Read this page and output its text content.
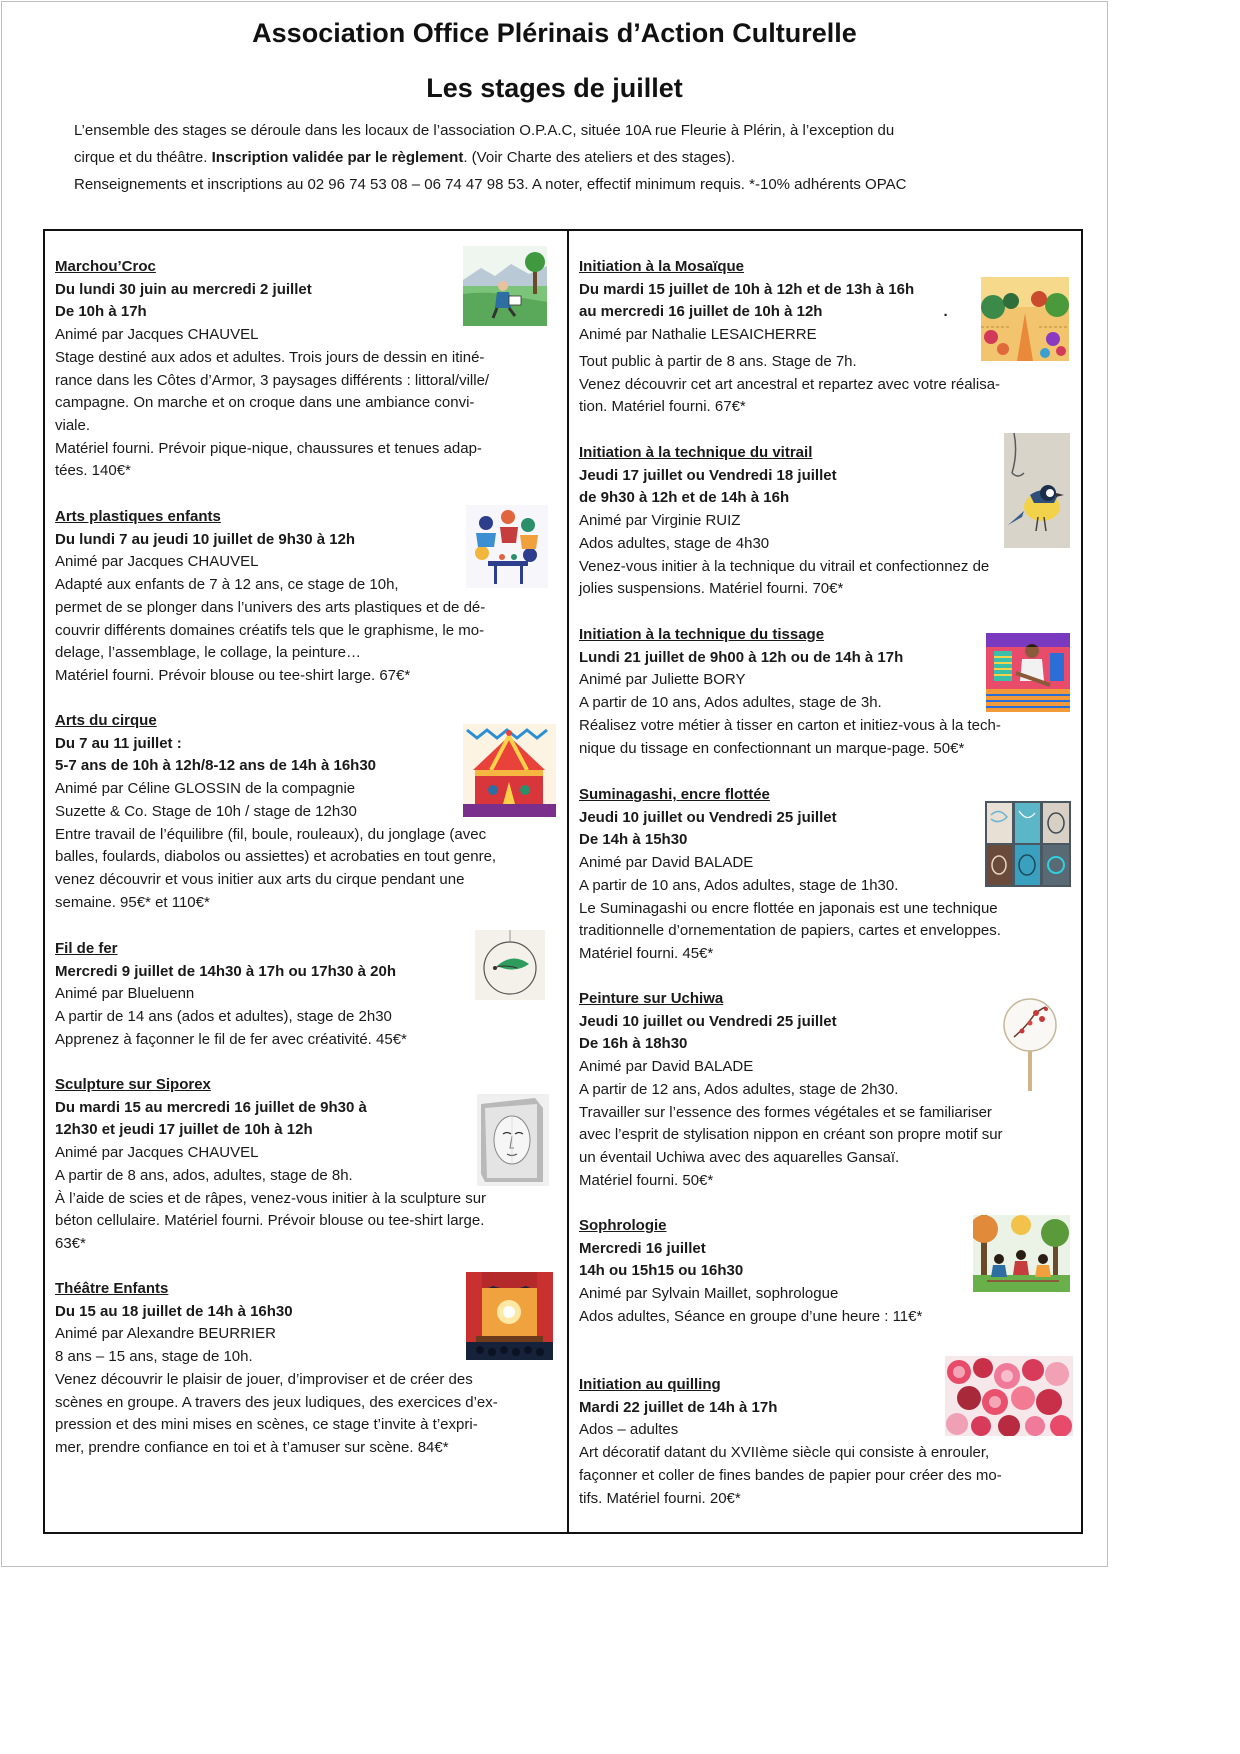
Association Office Plérinais d’Action Culturelle
Les stages de juillet
L’ensemble des stages se déroule dans les locaux de l’association O.P.A.C, située 10A rue Fleurie à Plérin, à l’exception du
cirque et du théâtre. Inscription validée par le règlement. (Voir Charte des ateliers et des stages).
Renseignements et inscriptions au 02 96 74 53 08 – 06 74 47 98 53. A noter, effectif minimum requis. *-10% adhérents OPAC
Marchou’Croc
Du lundi 30 juin au mercredi 2 juillet
De 10h à 17h
Animé par Jacques CHAUVEL
Stage destiné aux ados et adultes. Trois jours de dessin en itiné-
rance dans les Côtes d’Armor, 3 paysages différents : littoral/ville/
campagne. On marche et on croque dans une ambiance convi-
viale.
Matériel fourni. Prévoir pique-nique, chaussures et tenues adap-
tées. 140€*
Arts plastiques enfants
Du lundi 7 au jeudi 10 juillet de 9h30 à 12h
Animé par Jacques CHAUVEL
Adapté aux enfants de 7 à 12 ans, ce stage de 10h,
permet de se plonger dans l’univers des arts plastiques et de dé-
couvrir différents domaines créatifs tels que le graphisme, le mo-
delage, l’assemblage, le collage, la peinture…
Matériel fourni. Prévoir blouse ou tee-shirt large. 67€*
Arts du cirque
Du 7 au 11 juillet :
5-7 ans de 10h à 12h/8-12 ans de 14h à 16h30
Animé par Céline GLOSSIN de la compagnie
Suzette & Co. Stage de 10h / stage de 12h30
Entre travail de l’équilibre (fil, boule, rouleaux), du jonglage (avec
balles, foulards, diabolos ou assiettes) et acrobaties en tout genre,
venez découvrir et vous initier aux arts du cirque pendant une
semaine. 95€* et 110€*
Fil de fer
Mercredi 9 juillet de 14h30 à 17h ou 17h30 à 20h
Animé par Blueluenn
A partir de 14 ans (ados et adultes), stage de 2h30
Apprenez à façonner le fil de fer avec créativité. 45€*
Sculpture sur Siporex
Du mardi 15 au mercredi 16 juillet de 9h30 à
12h30 et jeudi 17 juillet de 10h à 12h
Animé par Jacques CHAUVEL
A partir de 8 ans, ados, adultes, stage de 8h.
À l’aide de scies et de râpes, venez-vous initier à la sculpture sur
béton cellulaire. Matériel fourni. Prévoir blouse ou tee-shirt large.
63€*
Théâtre Enfants
Du 15 au 18 juillet de 14h à 16h30
Animé par Alexandre BEURRIER
8 ans – 15 ans, stage de 10h.
Venez découvrir le plaisir de jouer, d’improviser et de créer des
scènes en groupe. A travers des jeux ludiques, des exercices d’ex-
pression et des mini mises en scènes, ce stage t’invite à t’expri-
mer, prendre confiance en toi et à t’amuser sur scène. 84€*
Initiation à la Mosaïque
Du mardi 15 juillet de 10h à 12h et de 13h à 16h
au mercredi 16 juillet de 10h à 12h	.
Animé par Nathalie LESAICHERRE
Tout public à partir de 8 ans. Stage de 7h.
Venez découvrir cet art ancestral et repartez avec votre réalisa-
tion. Matériel fourni. 67€*
Initiation à la technique du vitrail
Jeudi 17 juillet ou Vendredi 18 juillet
de 9h30 à 12h et de 14h à 16h
Animé par Virginie RUIZ
Ados adultes, stage de 4h30
Venez-vous initier à la technique du vitrail et confectionnez de
jolies suspensions. Matériel fourni. 70€*
Initiation à la technique du tissage
Lundi 21 juillet de 9h00 à 12h ou de 14h à 17h
Animé par Juliette BORY
A partir de 10 ans, Ados adultes, stage de 3h.
Réalisez votre métier à tisser en carton et initiez-vous à la tech-
nique du tissage en confectionnant un marque-page. 50€*
Suminagashi, encre flottée
Jeudi 10 juillet ou Vendredi 25 juillet
De 14h à 15h30
Animé par David BALADE
A partir de 10 ans, Ados adultes, stage de 1h30.
Le Suminagashi ou encre flottée en japonais est une technique
traditionnelle d’ornementation de papiers, cartes et enveloppes.
Matériel fourni. 45€*
Peinture sur Uchiwa
Jeudi 10 juillet ou Vendredi 25 juillet
De 16h à 18h30
Animé par David BALADE
A partir de 12 ans, Ados adultes, stage de 2h30.
Travailler sur l’essence des formes végétales et se familiariser
avec l’esprit de stylisation nippon en créant son propre motif sur
un éventail Uchiwa avec des aquarelles Gansaï.
Matériel fourni. 50€*
Sophrologie
Mercredi 16 juillet
14h ou 15h15 ou 16h30
Animé par Sylvain Maillet, sophrologue
Ados adultes, Séance en groupe d’une heure : 11€*
Initiation au quilling
Mardi 22 juillet de 14h à 17h
Ados – adultes
Art décoratif datant du XVIIème siècle qui consiste à enrouler,
façonner et coller de fines bandes de papier pour créer des mo-
tifs. Matériel fourni. 20€*
